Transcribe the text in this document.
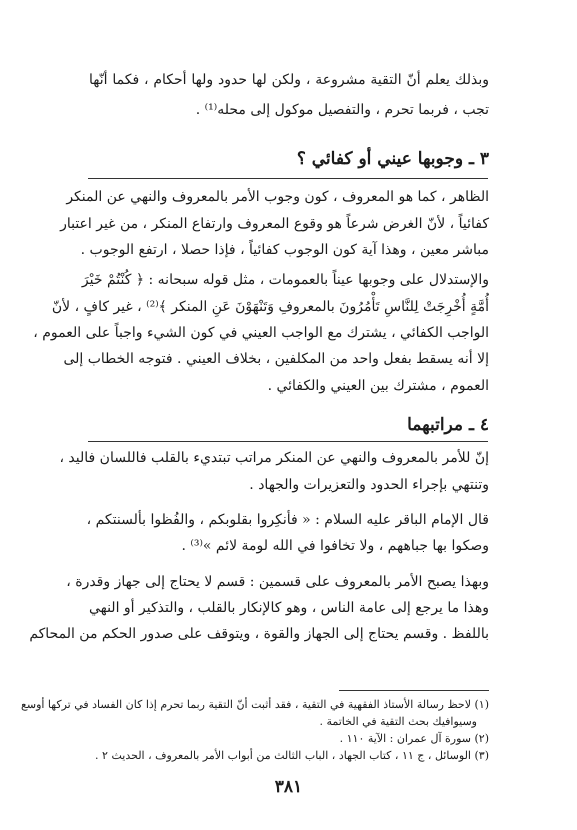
وبذلك يعلم أنّ التقية مشروعة ، ولكن لها حدود ولها أحكام ، فكما أنّها
تجب ، فربما تحرم ، والتفصيل موكول إلى محله⁽¹⁾ .
٣ ـ وجوبها عيني أو كفائي ؟
الظاهر ، كما هو المعروف ، كون وجوب الأمر بالمعروف والنهي عن المنكر
كفائياً ، لأنّ الغرض شرعاً هو وقوع المعروف وارتفاع المنكر ، من غير اعتبار
مباشر معين ، وهذا آية كون الوجوب كفائياً ، فإذا حصلا ، ارتفع الوجوب .
والإستدلال على وجوبها عيناً بالعمومات ، مثل قوله سبحانه : ﴿ كُنْتُمْ خَيْرَ
أُمَّةٍ أُخْرِجَتْ لِلنَّاسِ تَأْمُرُونَ بالمعروفِ وَتَنْهَوْنَ عَنِ المنكر ﴾⁽²⁾ ، غير كافٍ ، لأنّ
الواجب الكفائي ، يشترك مع الواجب العيني في كون الشيء واجباً على العموم ،
إلا أنه يسقط بفعل واحد من المكلفين ، بخلاف العيني . فتوجه الخطاب إلى
العموم ، مشترك بين العيني والكفائي .
٤ ـ مراتبهما
إنّ للأمر بالمعروف والنهي عن المنكر مراتب تبتديء بالقلب فاللسان فاليد ،
وتنتهي بإجراء الحدود والتعزيرات والجهاد .
قال الإمام الباقر عليه السلام : « فأنكِروا بقلوبكم ، والفُظوا بألسنتكم ،
وصكوا بها جباههم ، ولا تخافوا في الله لومة لائم »⁽³⁾ .
وبهذا يصبح الأمر بالمعروف على قسمين : قسم لا يحتاج إلى جهاز وقدرة ،
وهذا ما يرجع إلى عامة الناس ، وهو كالإنكار بالقلب ، والتذكير أو النهي
باللفظ . وقسم يحتاج إلى الجهاز والقوة ، ويتوقف على صدور الحكم من المحاكم
(١) لاحظ رسالة الأستاذ الفقهية في التقية ، فقد أثبت أنّ التقية ربما تحرم إذا كان الفساد في تركها أوسع
وسيوافيك بحث التقية في الخاتمة .
(٢) سورة آل عمران : الآية ١١٠ .
(٣) الوسائل ، ج ١١ ، كتاب الجهاد ، الباب الثالث من أبواب الأمر بالمعروف ، الحديث ٢ .
٣٨١
